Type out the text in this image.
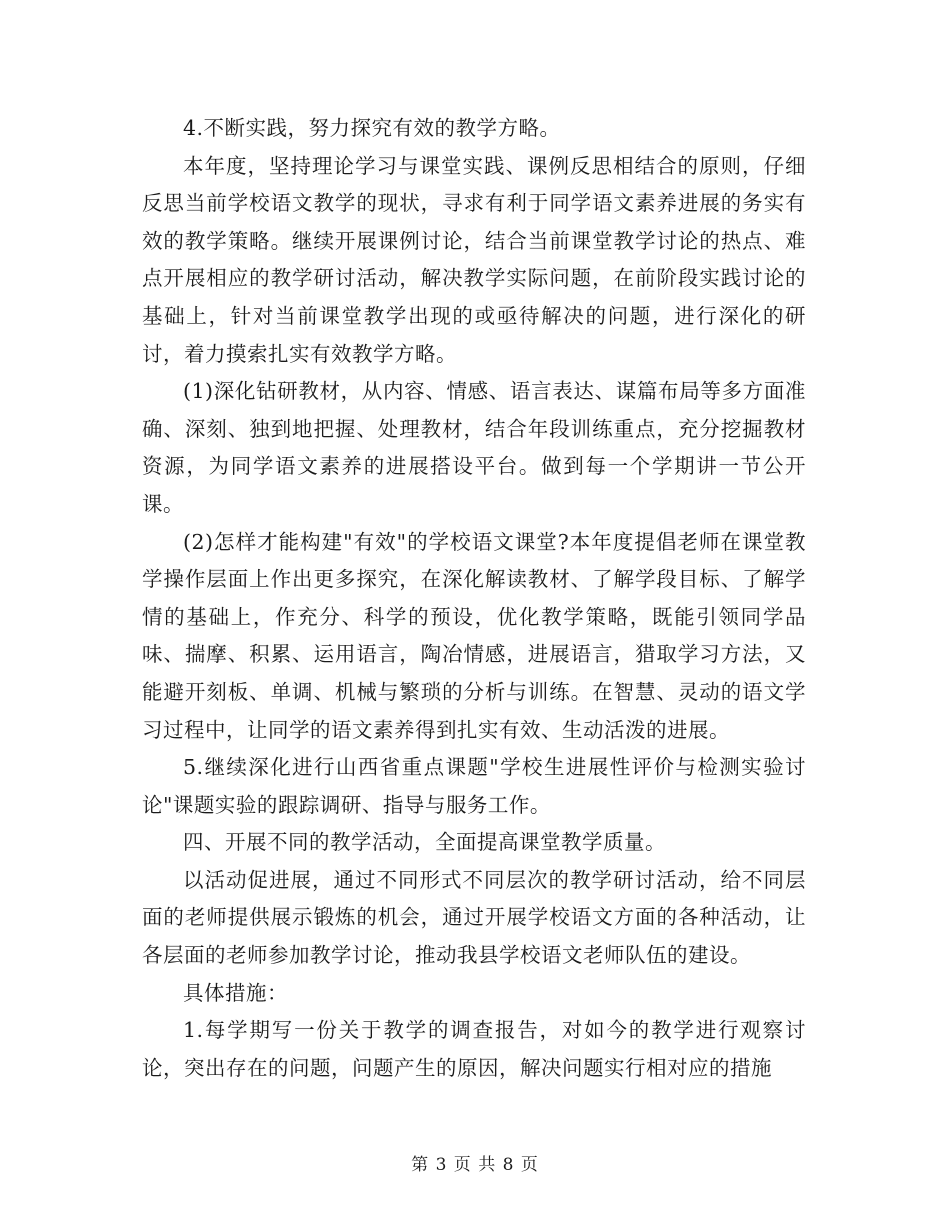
4.不断实践，努力探究有效的教学方略。

本年度，坚持理论学习与课堂实践、课例反思相结合的原则，仔细反思当前学校语文教学的现状，寻求有利于同学语文素养进展的务实有效的教学策略。继续开展课例讨论，结合当前课堂教学讨论的热点、难点开展相应的教学研讨活动，解决教学实际问题，在前阶段实践讨论的基础上，针对当前课堂教学出现的或亟待解决的问题，进行深化的研讨，着力摸索扎实有效教学方略。

(1)深化钻研教材，从内容、情感、语言表达、谋篇布局等多方面准确、深刻、独到地把握、处理教材，结合年段训练重点，充分挖掘教材资源，为同学语文素养的进展搭设平台。做到每一个学期讲一节公开课。

(2)怎样才能构建"有效"的学校语文课堂?本年度提倡老师在课堂教学操作层面上作出更多探究，在深化解读教材、了解学段目标、了解学情的基础上，作充分、科学的预设，优化教学策略，既能引领同学品味、揣摩、积累、运用语言，陶冶情感，进展语言，猎取学习方法，又能避开刻板、单调、机械与繁琐的分析与训练。在智慧、灵动的语文学习过程中，让同学的语文素养得到扎实有效、生动活泼的进展。

5.继续深化进行山西省重点课题"学校生进展性评价与检测实验讨论"课题实验的跟踪调研、指导与服务工作。

四、开展不同的教学活动，全面提高课堂教学质量。

以活动促进展，通过不同形式不同层次的教学研讨活动，给不同层面的老师提供展示锻炼的机会，通过开展学校语文方面的各种活动，让各层面的老师参加教学讨论，推动我县学校语文老师队伍的建设。

具体措施：

1.每学期写一份关于教学的调查报告，对如今的教学进行观察讨论，突出存在的问题，问题产生的原因，解决问题实行相对应的措施

第 3 页 共 8 页
